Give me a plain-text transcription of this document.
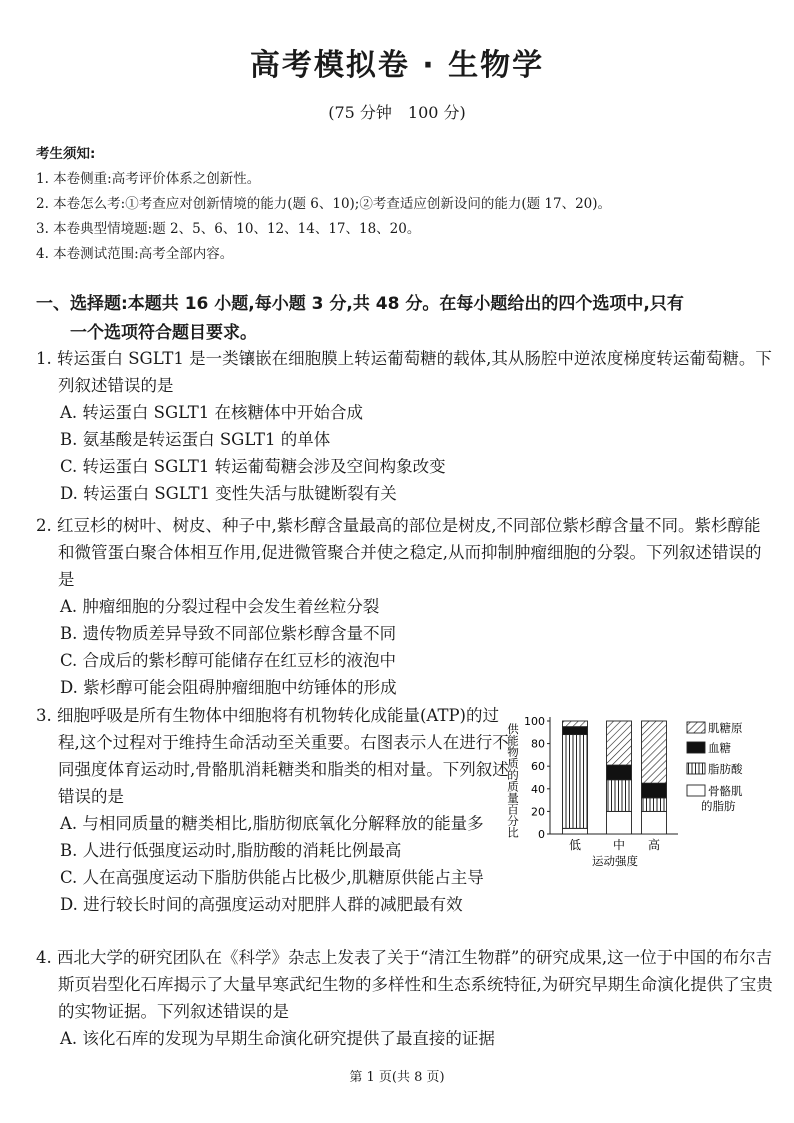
高考模拟卷 · 生物学
(75 分钟　100 分)
考生须知:
1. 本卷侧重:高考评价体系之创新性。
2. 本卷怎么考:①考查应对创新情境的能力(题 6、10);②考查适应创新设问的能力(题 17、20)。
3. 本卷典型情境题:题 2、5、6、10、12、14、17、18、20。
4. 本卷测试范围:高考全部内容。
一、选择题:本题共 16 小题,每小题 3 分,共 48 分。在每小题给出的四个选项中,只有
一个选项符合题目要求。
1. 转运蛋白 SGLT1 是一类镶嵌在细胞膜上转运葡萄糖的载体,其从肠腔中逆浓度梯度转运葡萄糖。下列叙述错误的是
A. 转运蛋白 SGLT1 在核糖体中开始合成
B. 氨基酸是转运蛋白 SGLT1 的单体
C. 转运蛋白 SGLT1 转运葡萄糖会涉及空间构象改变
D. 转运蛋白 SGLT1 变性失活与肽键断裂有关
2. 红豆杉的树叶、树皮、种子中,紫杉醇含量最高的部位是树皮,不同部位紫杉醇含量不同。紫杉醇能和微管蛋白聚合体相互作用,促进微管聚合并使之稳定,从而抑制肿瘤细胞的分裂。下列叙述错误的是
A. 肿瘤细胞的分裂过程中会发生着丝粒分裂
B. 遗传物质差异导致不同部位紫杉醇含量不同
C. 合成后的紫杉醇可能储存在红豆杉的液泡中
D. 紫杉醇可能会阻碍肿瘤细胞中纺锤体的形成
3. 细胞呼吸是所有生物体中细胞将有机物转化成能量(ATP)的过程,这个过程对于维持生命活动至关重要。右图表示人在进行不同强度体育运动时,骨骼肌消耗糖类和脂类的相对量。下列叙述错误的是
A. 与相同质量的糖类相比,脂肪彻底氧化分解释放的能量多
B. 人进行低强度运动时,脂肪酸的消耗比例最高
C. 人在高强度运动下脂肪供能占比极少,肌糖原供能占主导
D. 进行较长时间的高强度运动对肥胖人群的减肥最有效
0
20
40
60
80
100
供能物质的质量百分比
低	中 高
运动强度
肌糖原
血糖
脂肪酸
骨骼肌
的脂肪
4. 西北大学的研究团队在《科学》杂志上发表了关于“清江生物群”的研究成果,这一位于中国的布尔吉斯页岩型化石库揭示了大量早寒武纪生物的多样性和生态系统特征,为研究早期生命演化提供了宝贵的实物证据。下列叙述错误的是
A. 该化石库的发现为早期生命演化研究提供了最直接的证据
第 1 页(共 8 页)
